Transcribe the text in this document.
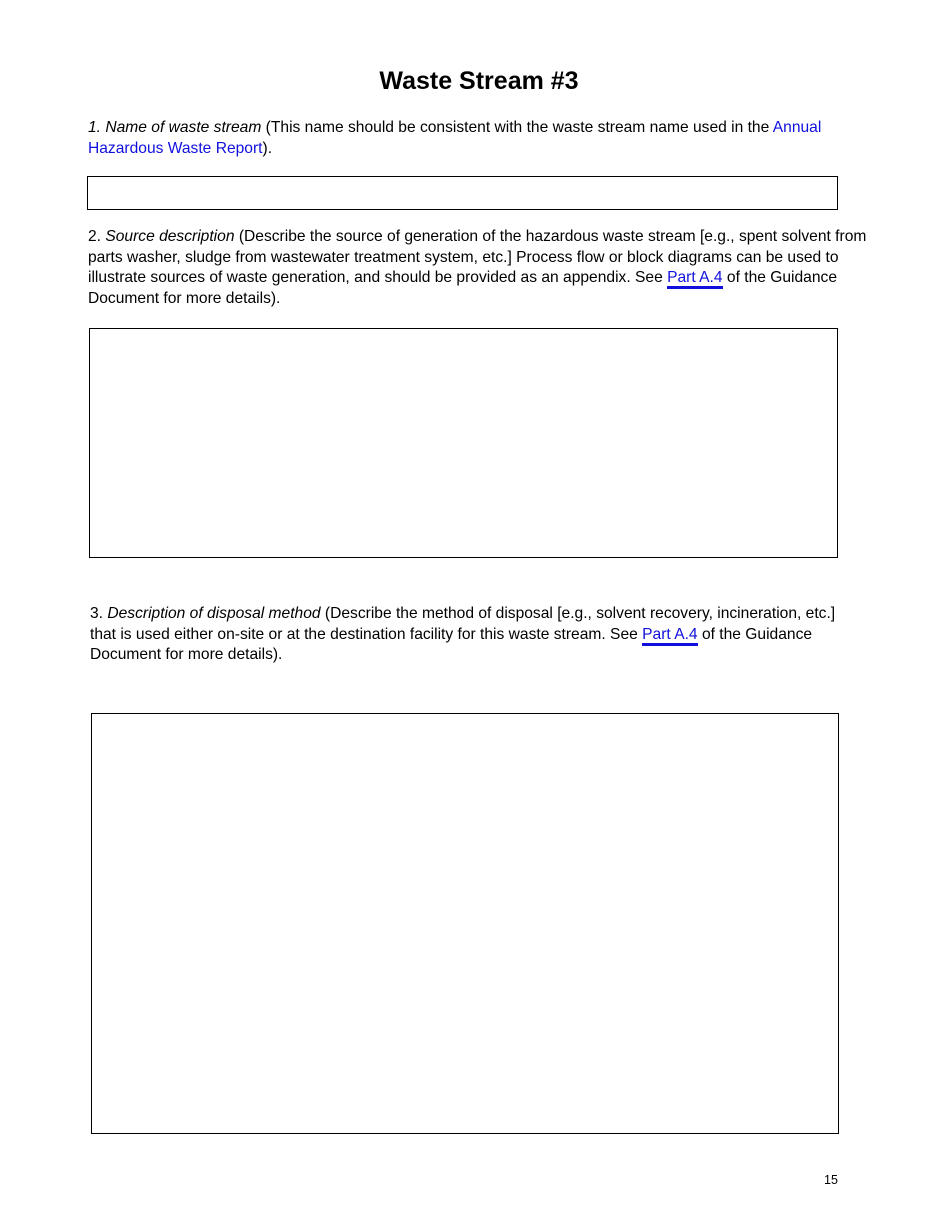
Waste Stream #3

1. Name of waste stream (This name should be consistent with the waste stream name used in the Annual Hazardous Waste Report).

2. Source description (Describe the source of generation of the hazardous waste stream [e.g., spent solvent from parts washer, sludge from wastewater treatment system, etc.] Process flow or block diagrams can be used to illustrate sources of waste generation, and should be provided as an appendix. See Part A.4 of the Guidance Document for more details).

3. Description of disposal method (Describe the method of disposal [e.g., solvent recovery, incineration, etc.] that is used either on-site or at the destination facility for this waste stream. See Part A.4 of the Guidance Document for more details).

15
